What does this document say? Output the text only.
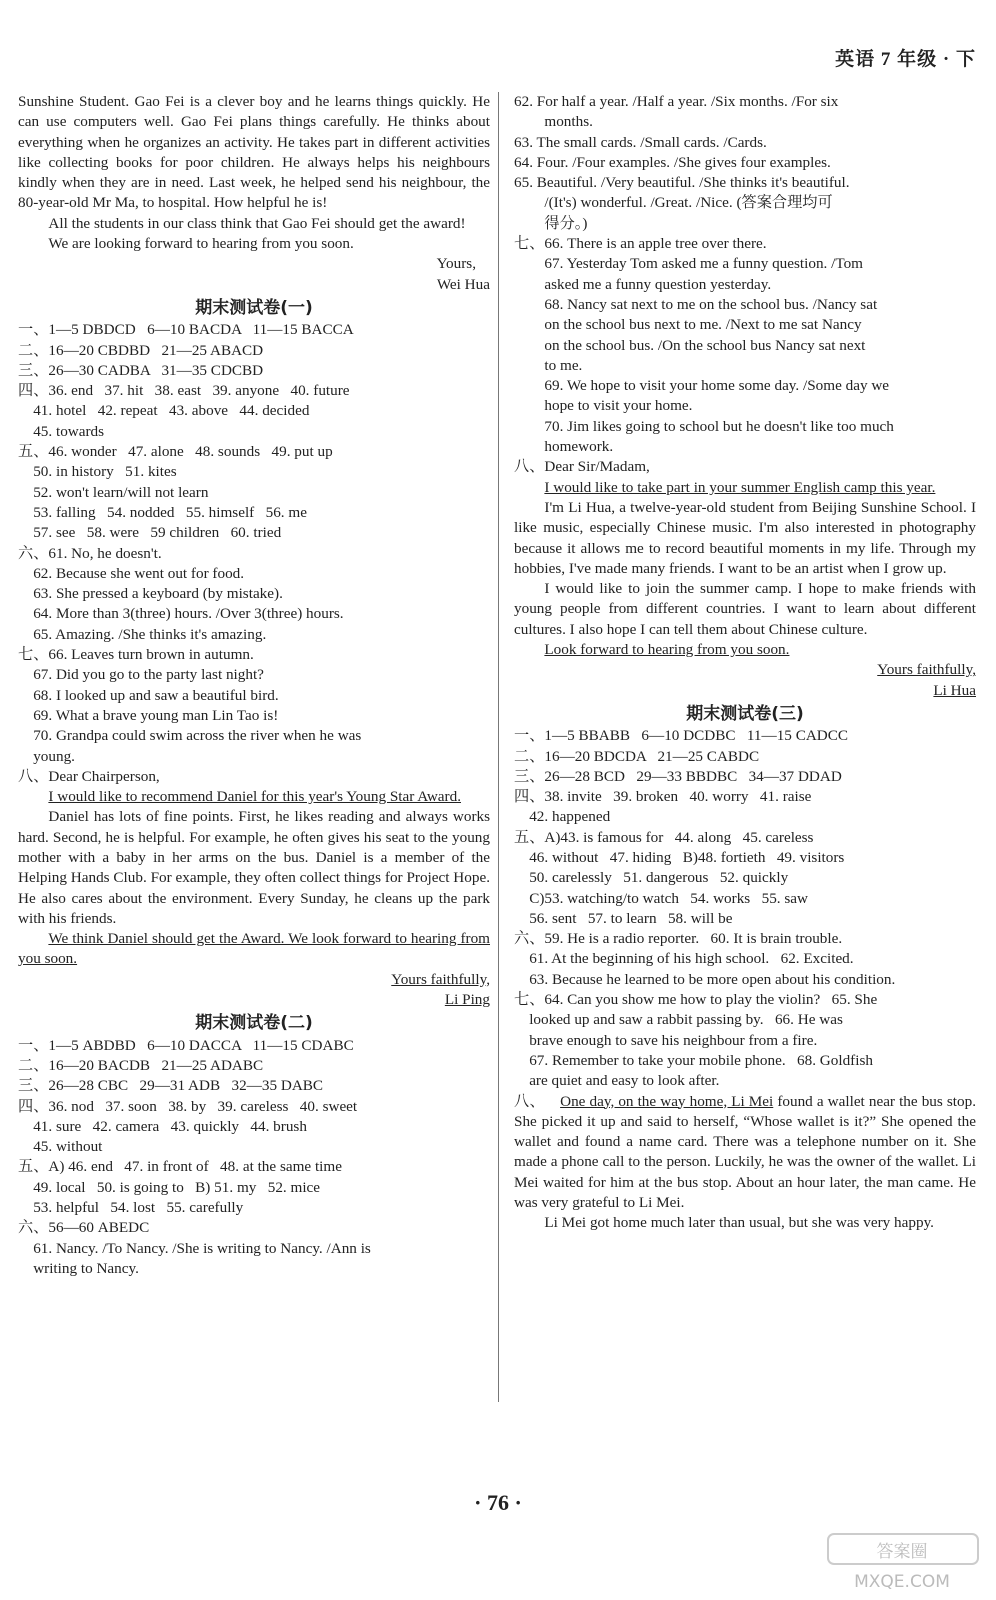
英语 7 年级 · 下

Sunshine Student. Gao Fei is a clever boy and he learns things quickly. He can use computers well. Gao Fei plans things carefully. He thinks about everything when he organizes an activity. He takes part in different activities like collecting books for poor children. He always helps his neighbours kindly when they are in need. Last week, he helped send his neighbour, the 80-year-old Mr Ma, to hospital. How helpful he is!

All the students in our class think that Gao Fei should get the award!

We are looking forward to hearing from you soon.

Yours,

Wei Hua

期末测试卷(一)

一、1—5 DBDCD   6—10 BACDA   11—15 BACCA

二、16—20 CBDBD   21—25 ABACD

三、26—30 CADBA   31—35 CDCBD

四、36. end   37. hit   38. east   39. anyone   40. future

41. hotel   42. repeat   43. above   44. decided

45. towards

五、46. wonder   47. alone   48. sounds   49. put up

50. in history   51. kites

52. won't learn/will not learn

53. falling   54. nodded   55. himself   56. me

57. see   58. were   59 children   60. tried

六、61. No, he doesn't.

62. Because she went out for food.

63. She pressed a keyboard (by mistake).

64. More than 3(three) hours. /Over 3(three) hours.

65. Amazing. /She thinks it's amazing.

七、66. Leaves turn brown in autumn.

67. Did you go to the party last night?

68. I looked up and saw a beautiful bird.

69. What a brave young man Lin Tao is!

70. Grandpa could swim across the river when he was

young.

八、Dear Chairperson,

I would like to recommend Daniel for this year's Young Star Award.

Daniel has lots of fine points. First, he likes reading and always works hard. Second, he is helpful. For example, he often gives his seat to the young mother with a baby in her arms on the bus. Daniel is a member of the Helping Hands Club. For example, they often collect things for Project Hope. He also cares about the environment. Every Sunday, he cleans up the park with his friends.

We think Daniel should get the Award. We look forward to hearing from you soon.

Yours faithfully,

Li Ping

期末测试卷(二)

一、1—5 ABDBD   6—10 DACCA   11—15 CDABC

二、16—20 BACDB   21—25 ADABC

三、26—28 CBC   29—31 ADB   32—35 DABC

四、36. nod   37. soon   38. by   39. careless   40. sweet

41. sure   42. camera   43. quickly   44. brush

45. without

五、A) 46. end   47. in front of   48. at the same time

49. local   50. is going to   B) 51. my   52. mice

53. helpful   54. lost   55. carefully

六、56—60 ABEDC

61. Nancy. /To Nancy. /She is writing to Nancy. /Ann is

writing to Nancy.

62. For half a year. /Half a year. /Six months. /For six

months.

63. The small cards. /Small cards. /Cards.

64. Four. /Four examples. /She gives four examples.

65. Beautiful. /Very beautiful. /She thinks it's beautiful.

/(It's) wonderful. /Great. /Nice. (答案合理均可

得分。)

七、66. There is an apple tree over there.

67. Yesterday Tom asked me a funny question. /Tom

asked me a funny question yesterday.

68. Nancy sat next to me on the school bus. /Nancy sat

on the school bus next to me. /Next to me sat Nancy

on the school bus. /On the school bus Nancy sat next

to me.

69. We hope to visit your home some day. /Some day we

hope to visit your home.

70. Jim likes going to school but he doesn't like too much

homework.

八、Dear Sir/Madam,

I would like to take part in your summer English camp this year.

I'm Li Hua, a twelve-year-old student from Beijing Sunshine School. I like music, especially Chinese music. I'm also interested in photography because it allows me to record beautiful moments in my life. Through my hobbies, I've made many friends. I want to be an artist when I grow up.

I would like to join the summer camp. I hope to make friends with young people from different countries. I want to learn about different cultures. I also hope I can tell them about Chinese culture.

Look forward to hearing from you soon.

Yours faithfully,

Li Hua

期末测试卷(三)

一、1—5 BBABB   6—10 DCDBC   11—15 CADCC

二、16—20 BDCDA   21—25 CABDC

三、26—28 BCD   29—33 BBDBC   34—37 DDAD

四、38. invite   39. broken   40. worry   41. raise

42. happened

五、A)43. is famous for   44. along   45. careless

46. without   47. hiding   B)48. fortieth   49. visitors

50. carelessly   51. dangerous   52. quickly

C)53. watching/to watch   54. works   55. saw

56. sent   57. to learn   58. will be

六、59. He is a radio reporter.   60. It is brain trouble.

61. At the beginning of his high school.   62. Excited.

63. Because he learned to be more open about his condition.

七、64. Can you show me how to play the violin?   65. She

looked up and saw a rabbit passing by.   66. He was

brave enough to save his neighbour from a fire.

67. Remember to take your mobile phone.   68. Goldfish

are quiet and easy to look after.

八、 One day, on the way home, Li Mei found a wallet near the bus stop. She picked it up and said to herself, “Whose wallet is it?” She opened the wallet and found a name card. There was a telephone number on it. She made a phone call to the person. Luckily, he was the owner of the wallet. Li Mei waited for him at the bus stop. About an hour later, the man came. He was very grateful to Li Mei.

Li Mei got home much later than usual, but she was very happy.

· 76 ·
答案圈
MXQE.COM
